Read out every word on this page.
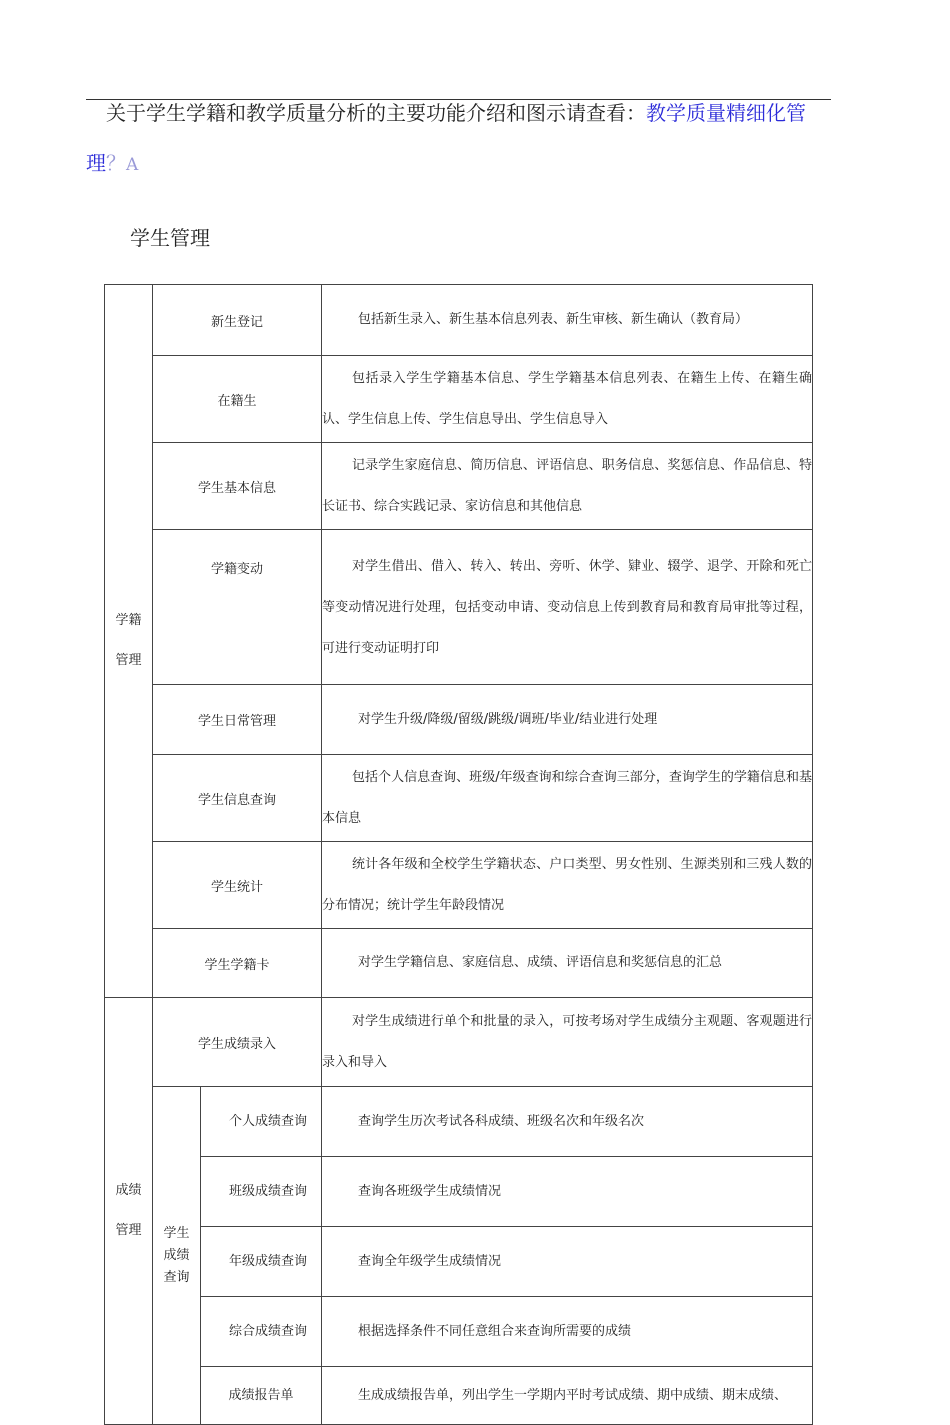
关于学生学籍和教学质量分析的主要功能介绍和图示请查看：教学质量精细化管
理？A
学生管理
学籍管理	新生登记		包括新生录入、新生基本信息列表、新生审核、新生确认（教育局）
	在籍生		包括录入学生学籍基本信息、学生学籍基本信息列表、在籍生上传、在籍生确认、学生信息上传、学生信息导出、学生信息导入
	学生基本信息		记录学生家庭信息、简历信息、评语信息、职务信息、奖惩信息、作品信息、特长证书、综合实践记录、家访信息和其他信息
	学籍变动		对学生借出、借入、转入、转出、旁听、休学、肄业、辍学、退学、开除和死亡等变动情况进行处理，包括变动申请、变动信息上传到教育局和教育局审批等过程，可进行变动证明打印
	学生日常管理		对学生升级/降级/留级/跳级/调班/毕业/结业进行处理
	学生信息查询		包括个人信息查询、班级/年级查询和综合查询三部分，查询学生的学籍信息和基本信息
	学生统计		统计各年级和全校学生学籍状态、户口类型、男女性别、生源类别和三残人数的分布情况；统计学生年龄段情况
	学生学籍卡		对学生学籍信息、家庭信息、成绩、评语信息和奖惩信息的汇总
成绩管理	学生成绩录入		对学生成绩进行单个和批量的录入，可按考场对学生成绩分主观题、客观题进行录入和导入
	学生成绩查询	个人成绩查询	查询学生历次考试各科成绩、班级名次和年级名次

		班级成绩查询	查询各班级学生成绩情况

		年级成绩查询	查询全年级学生成绩情况

		综合成绩查询	根据选择条件不同任意组合来查询所需要的成绩
		成绩报告单	生成成绩报告单，列出学生一学期内平时考试成绩、期中成绩、期末成绩、
